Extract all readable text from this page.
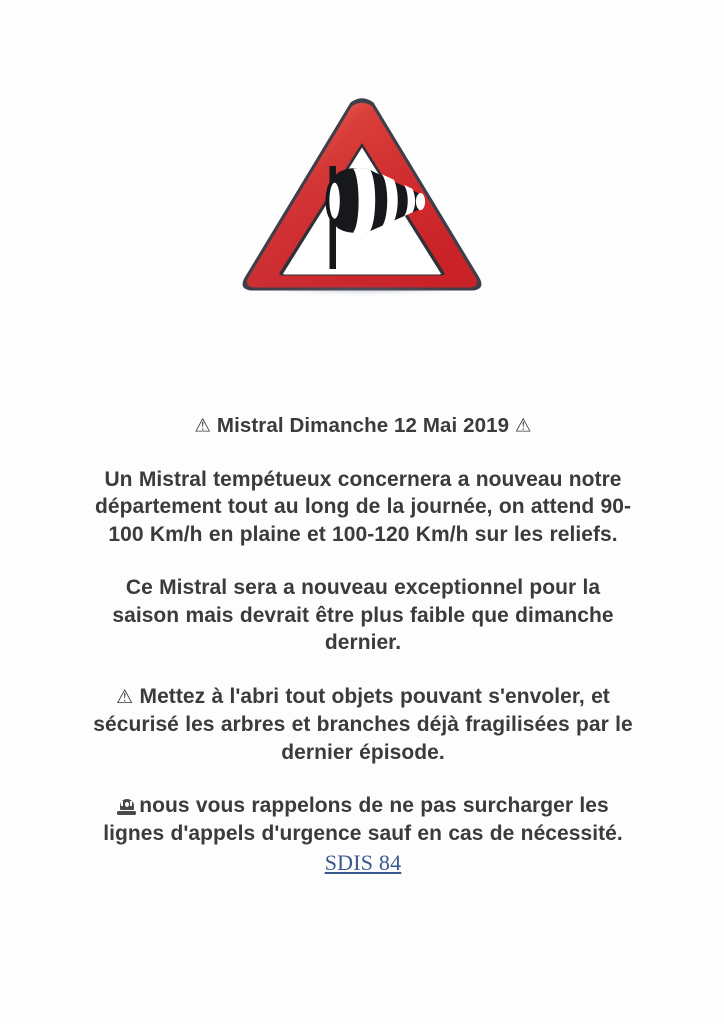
⚠ Mistral Dimanche 12 Mai 2019 ⚠

Un Mistral tempétueux concernera a nouveau notre département tout au long de la journée, on attend 90-100 Km/h en plaine et 100-120 Km/h sur les reliefs.

Ce Mistral sera a nouveau exceptionnel pour la saison mais devrait être plus faible que dimanche dernier.

⚠ Mettez à l'abri tout objets pouvant s'envoler, et sécurisé les arbres et branches déjà fragilisées par le dernier épisode.

nous vous rappelons de ne pas surcharger les lignes d'appels d'urgence sauf en cas de nécessité.

SDIS 84
